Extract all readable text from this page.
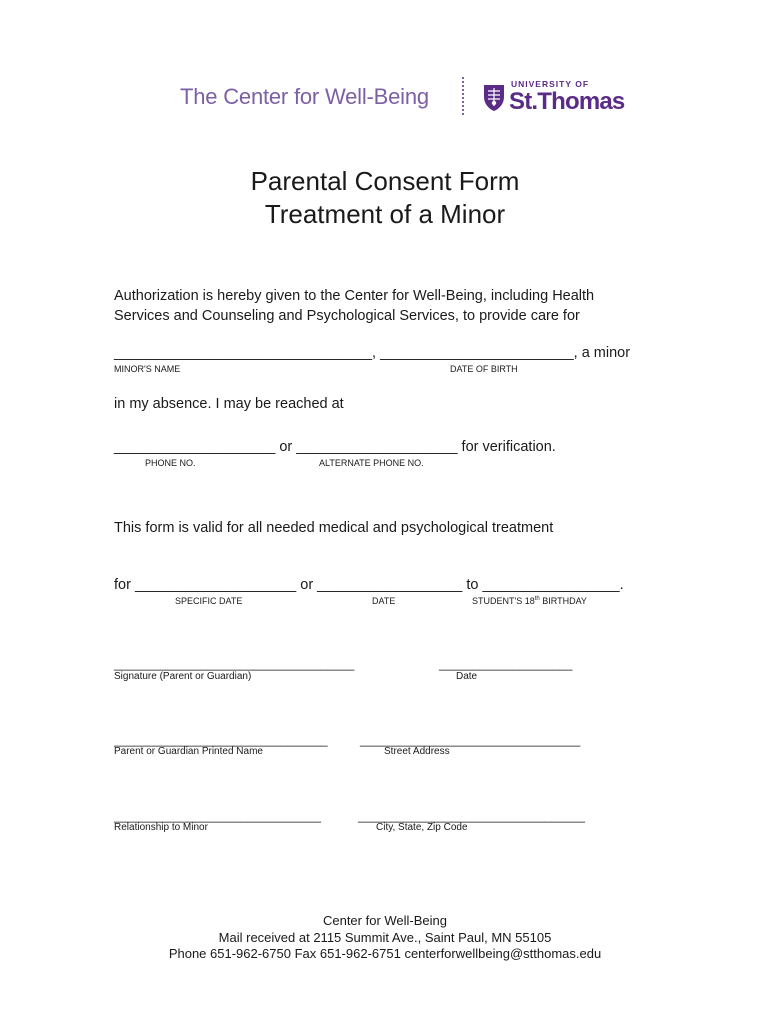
The Center for Well-Being	UNIVERSITY OF
St.Thomas
Parental Consent Form
Treatment of a Minor
Authorization is hereby given to the Center for Well-Being, including Health
Services and Counseling and Psychological Services, to provide care for
________________________________, ________________________, a minor
MINOR'S NAME	DATE OF BIRTH
in my absence. I may be reached at
____________________ or ____________________ for verification.
PHONE NO.	ALTERNATE PHONE NO.
This form is valid for all needed medical and psychological treatment
for ____________________ or __________________ to _________________.
SPECIFIC DATE	DATE	STUDENT'S 18th BIRTHDAY
____________________________________
Signature (Parent or Guardian)
____________________
Date
________________________________
Parent or Guardian Printed Name
_________________________________
Street Address
_______________________________
Relationship to Minor
__________________________________
City, State, Zip Code
Center for Well-Being
Mail received at 2115 Summit Ave., Saint Paul, MN 55105
Phone 651-962-6750 Fax 651-962-6751 centerforwellbeing@stthomas.edu
